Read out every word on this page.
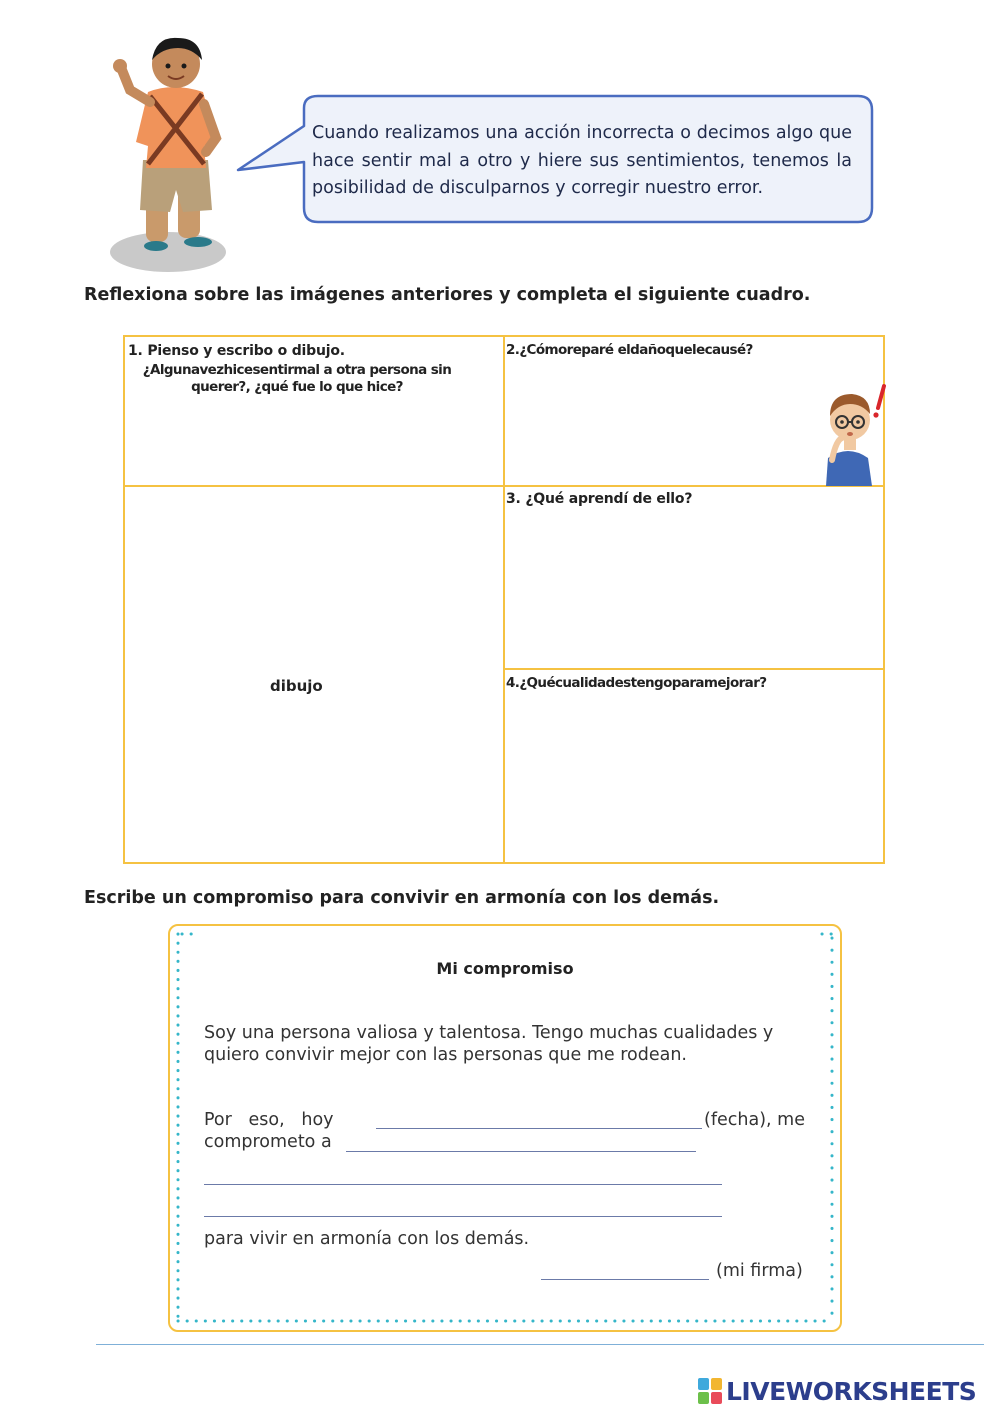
Cuando realizamos una acción incorrecta o decimos algo que hace sentir mal a otro y hiere sus sentimientos, tenemos la posibilidad de disculparnos y corregir nuestro error.
Reflexiona sobre las imágenes anteriores y completa el siguiente cuadro.
1. Pienso y escribo o dibujo.
¿Algunavezhicesentirmal a otra persona sin querer?, ¿qué fue lo que hice?
2.¿Cómoreparé eldañoquelecausé?
3. ¿Qué aprendí de ello?
4.¿Quécualidadestengoparamejorar?
dibujo
Escribe un compromiso para convivir en armonía con los demás.
Mi compromiso
Soy una persona valiosa y talentosa. Tengo muchas cualidades y quiero convivir mejor con las personas que me rodean.
Por   eso,   hoy	(fecha), me
comprometo a
para vivir en armonía con los demás.
(mi firma)
LIVEWORKSHEETS
